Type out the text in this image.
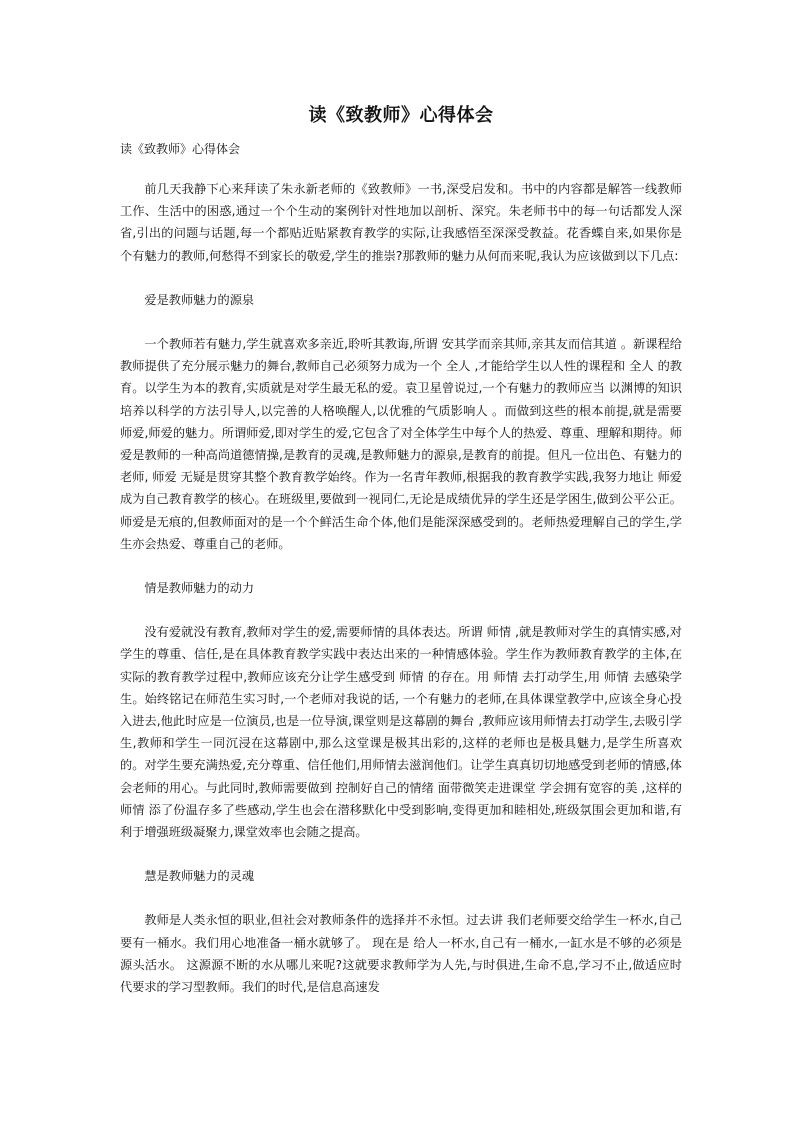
读《致教师》心得体会
读《致教师》心得体会

前几天我静下心来拜读了朱永新老师的《致教师》一书,深受启发和。书中的内容都是解答一线教师工作、生活中的困惑,通过一个个生动的案例针对性地加以剖析、深究。朱老师书中的每一句话都发人深省,引出的问题与话题,每一个都贴近贴紧教育教学的实际,让我感悟至深深受教益。花香蝶自来,如果你是个有魅力的教师,何愁得不到家长的敬爱,学生的推崇?那教师的魅力从何而来呢,我认为应该做到以下几点:

爱是教师魅力的源泉

一个教师若有魅力,学生就喜欢多亲近,聆听其教诲,所谓 安其学而亲其师,亲其友而信其道 。新课程给教师提供了充分展示魅力的舞台,教师自己必须努力成为一个 全人 ,才能给学生以人性的课程和 全人 的教育。以学生为本的教育,实质就是对学生最无私的爱。袁卫星曾说过,一个有魅力的教师应当 以渊博的知识培养以科学的方法引导人,以完善的人格唤醒人,以优雅的气质影响人 。而做到这些的根本前提,就是需要师爱,师爱的魅力。所谓师爱,即对学生的爱,它包含了对全体学生中每个人的热爱、尊重、理解和期待。师爱是教师的一种高尚道德情操,是教育的灵魂,是教师魅力的源泉,是教育的前提。但凡一位出色、有魅力的老师, 师爱 无疑是贯穿其整个教育教学始终。作为一名青年教师,根据我的教育教学实践,我努力地让 师爱 成为自己教育教学的核心。在班级里,要做到一视同仁,无论是成绩优异的学生还是学困生,做到公平公正。师爱是无痕的,但教师面对的是一个个鲜活生命个体,他们是能深深感受到的。老师热爱理解自己的学生,学生亦会热爱、尊重自己的老师。

情是教师魅力的动力

没有爱就没有教育,教师对学生的爱,需要师情的具体表达。所谓 师情 ,就是教师对学生的真情实感,对学生的尊重、信任,是在具体教育教学实践中表达出来的一种情感体验。学生作为教师教育教学的主体,在实际的教育教学过程中,教师应该充分让学生感受到 师情 的存在。用 师情 去打动学生,用 师情 去感染学生。始终铭记在师范生实习时,一个老师对我说的话, 一个有魅力的老师,在具体课堂教学中,应该全身心投入进去,他此时应是一位演员,也是一位导演,课堂则是这幕剧的舞台 ,教师应该用师情去打动学生,去吸引学生,教师和学生一同沉浸在这幕剧中,那么这堂课是极其出彩的,这样的老师也是极具魅力,是学生所喜欢的。对学生要充满热爱,充分尊重、信任他们,用师情去滋润他们。让学生真真切切地感受到老师的情感,体会老师的用心。与此同时,教师需要做到 控制好自己的情绪 面带微笑走进课堂 学会拥有宽容的美 ,这样的 师情 添了份温存多了些感动,学生也会在潜移默化中受到影响,变得更加和睦相处,班级氛围会更加和谐,有利于增强班级凝聚力,课堂效率也会随之提高。

慧是教师魅力的灵魂

教师是人类永恒的职业,但社会对教师条件的选择并不永恒。过去讲 我们老师要交给学生一杯水,自己要有一桶水。我们用心地准备一桶水就够了。 现在是 给人一杯水,自己有一桶水,一缸水是不够的必须是源头活水。 这源源不断的水从哪儿来呢?这就要求教师学为人先,与时俱进,生命不息,学习不止,做适应时代要求的学习型教师。我们的时代,是信息高速发
